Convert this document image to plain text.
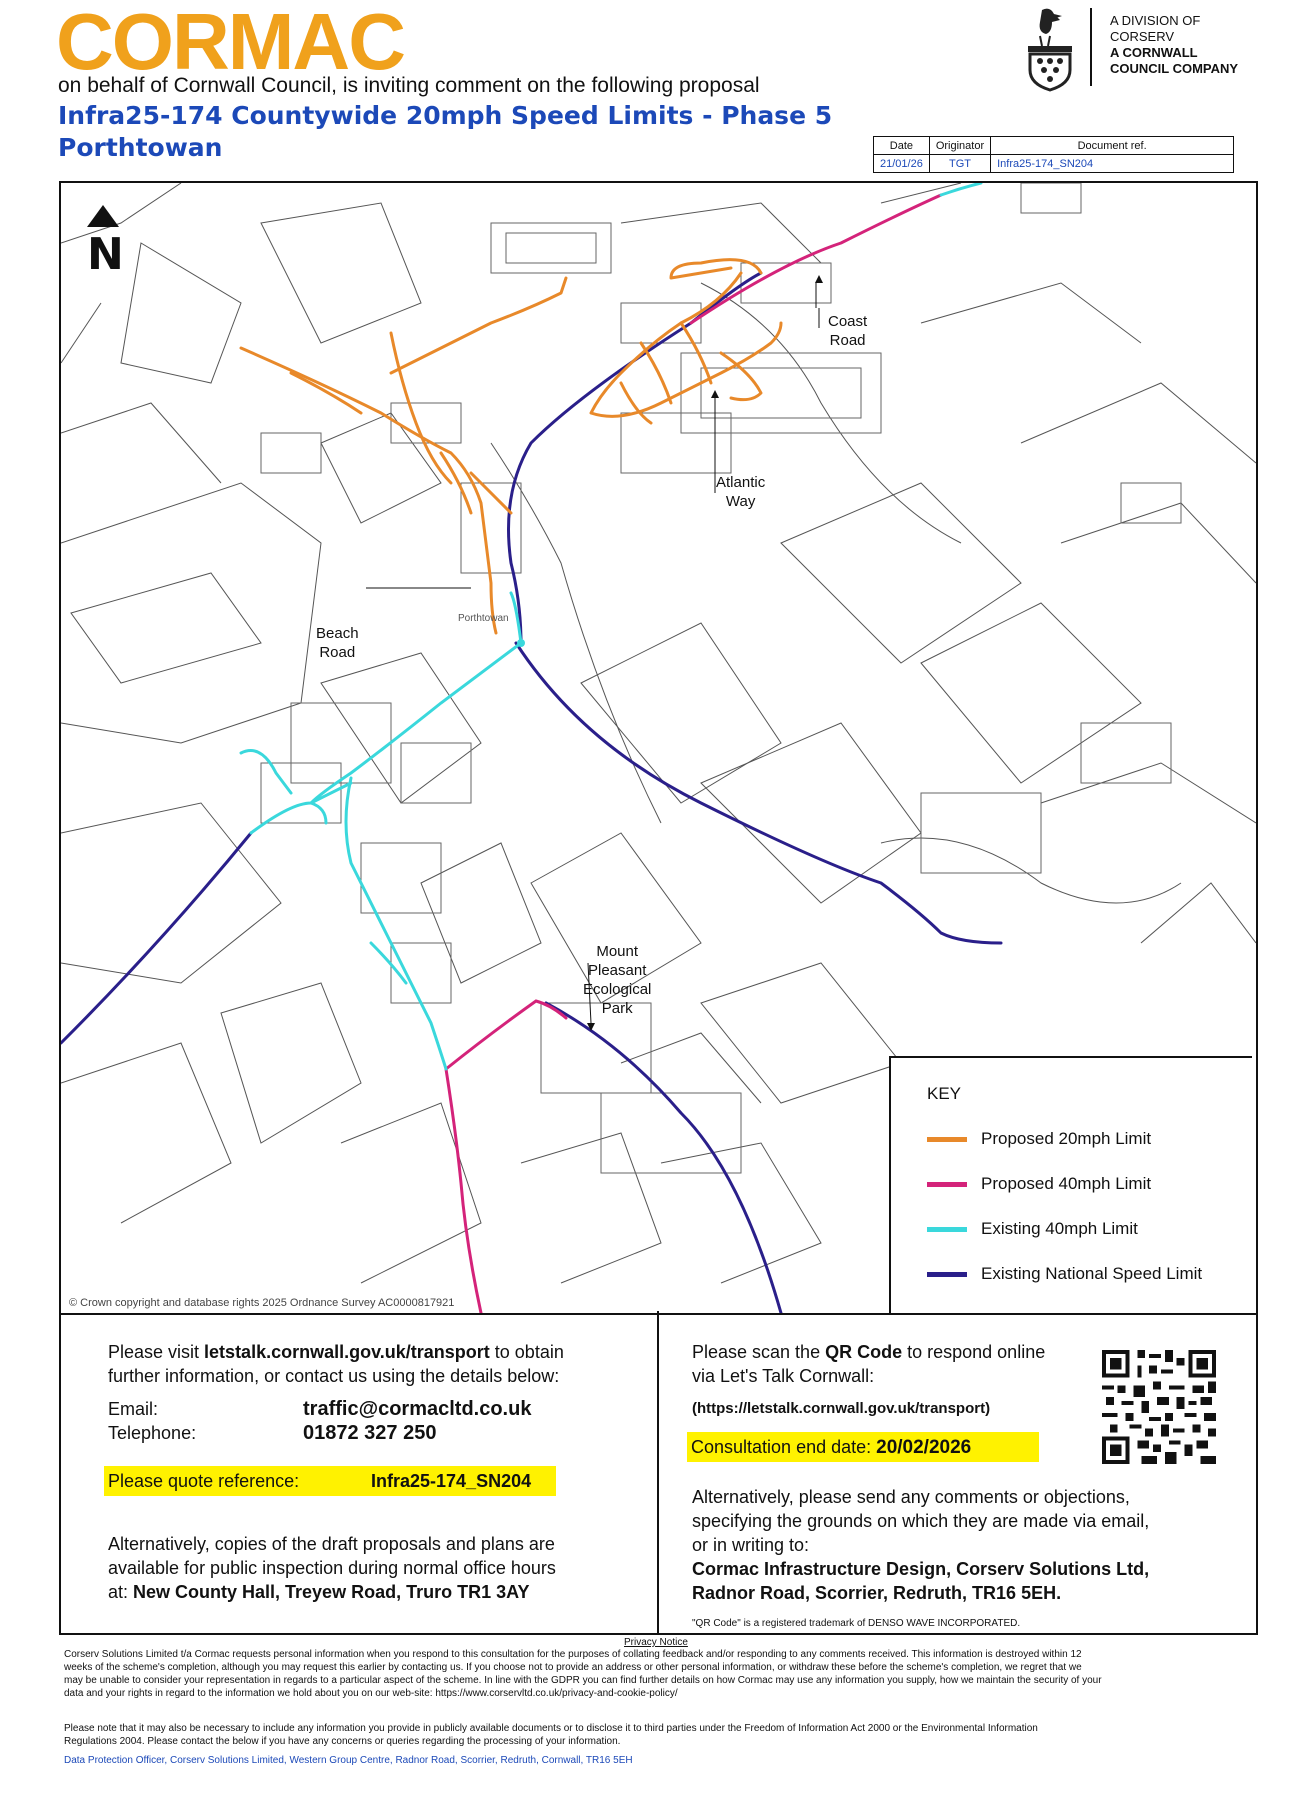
CORMAC
on behalf of Cornwall Council, is inviting comment on the following proposal
Infra25-174 Countywide 20mph Speed Limits - Phase 5
Porthtowan
A DIVISION OF
CORSERV
A CORNWALL
COUNCIL COMPANY
Date	Originator	Document ref.
21/01/26	TGT	Infra25-174_SN204
N
Coast
Road
Atlantic
Way
Beach
Road
Porthtowan
Mount
Pleasant
Ecological
Park
© Crown copyright and database rights 2025 Ordnance Survey AC0000817921
KEY
Proposed 20mph Limit
Proposed 40mph Limit
Existing 40mph Limit
Existing National Speed Limit
Please visit letstalk.cornwall.gov.uk/transport to obtain
further information, or contact us using the details below:
Email:	traffic@cormacltd.co.uk
Telephone:	01872 327 250
Please quote reference:	Infra25-174_SN204
Alternatively, copies of the draft proposals and plans are
available for public inspection during normal office hours
at: New County Hall, Treyew Road, Truro TR1 3AY
Please scan the QR Code to respond online
via Let's Talk Cornwall:
(https://letstalk.cornwall.gov.uk/transport)
Consultation end date: 20/02/2026
Alternatively, please send any comments or objections,
specifying the grounds on which they are made via email,
or in writing to:
Cormac Infrastructure Design, Corserv Solutions Ltd,
Radnor Road, Scorrier, Redruth, TR16 5EH.
"QR Code" is a registered trademark of DENSO WAVE INCORPORATED.
Privacy Notice
Corserv Solutions Limited t/a Cormac requests personal information when you respond to this consultation for the purposes of collating feedback and/or responding to any comments received. This information is destroyed within 12
weeks of the scheme's completion, although you may request this earlier by contacting us. If you choose not to provide an address or other personal information, or withdraw these before the scheme's completion, we regret that we
may be unable to consider your representation in regards to a particular aspect of the scheme. In line with the GDPR you can find further details on how Cormac may use any information you supply, how we maintain the security of your
data and your rights in regard to the information we hold about you on our web-site: https://www.corservltd.co.uk/privacy-and-cookie-policy/
Please note that it may also be necessary to include any information you provide in publicly available documents or to disclose it to third parties under the Freedom of Information Act 2000 or the Environmental Information
Regulations 2004. Please contact the below if you have any concerns or queries regarding the processing of your information.
Data Protection Officer, Corserv Solutions Limited, Western Group Centre, Radnor Road, Scorrier, Redruth, Cornwall, TR16 5EH
